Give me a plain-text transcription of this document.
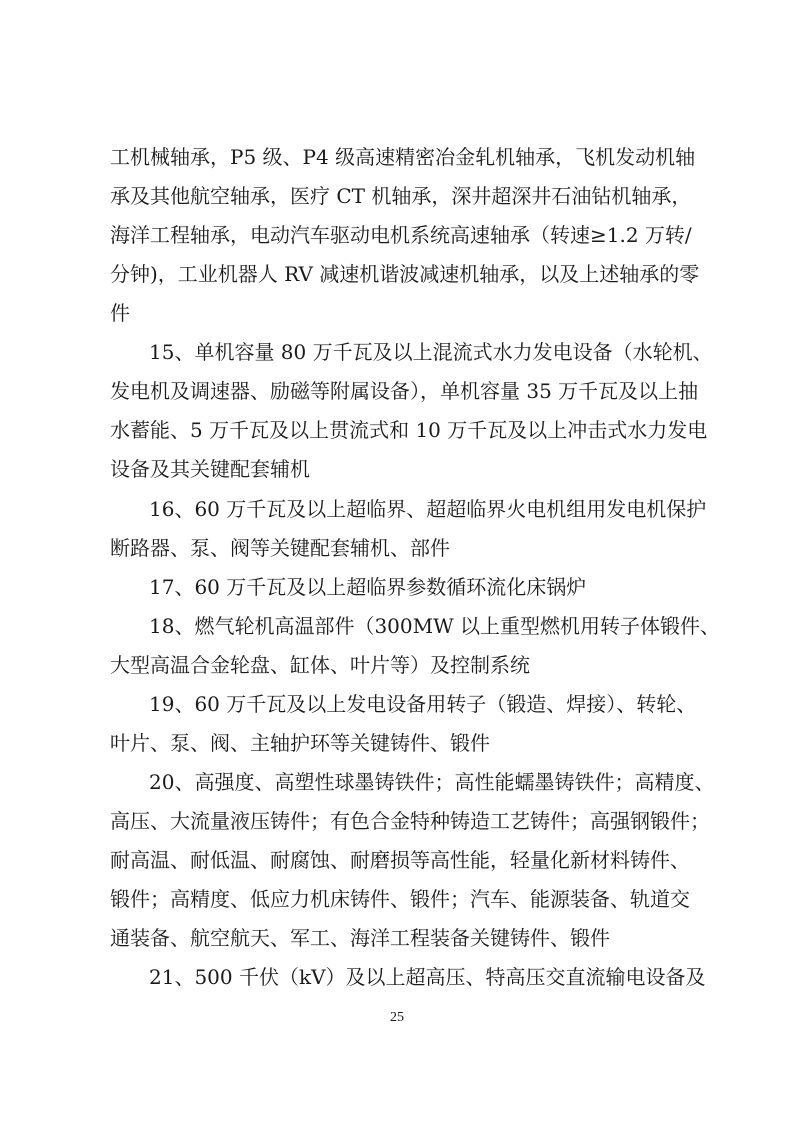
工机械轴承，P5 级、P4 级高速精密冶金轧机轴承，飞机发动机轴
承及其他航空轴承，医疗 CT 机轴承，深井超深井石油钻机轴承，
海洋工程轴承，电动汽车驱动电机系统高速轴承（转速≥1.2 万转/
分钟)，工业机器人 RV 减速机谐波减速机轴承，以及上述轴承的零
件
15、单机容量 80 万千瓦及以上混流式水力发电设备（水轮机、
发电机及调速器、励磁等附属设备），单机容量 35 万千瓦及以上抽
水蓄能、5 万千瓦及以上贯流式和 10 万千瓦及以上冲击式水力发电
设备及其关键配套辅机
16、60 万千瓦及以上超临界、超超临界火电机组用发电机保护
断路器、泵、阀等关键配套辅机、部件
17、60 万千瓦及以上超临界参数循环流化床锅炉
18、燃气轮机高温部件（300MW 以上重型燃机用转子体锻件、
大型高温合金轮盘、缸体、叶片等）及控制系统
19、60 万千瓦及以上发电设备用转子（锻造、焊接）、转轮、
叶片、泵、阀、主轴护环等关键铸件、锻件
20、高强度、高塑性球墨铸铁件；高性能蠕墨铸铁件；高精度、
高压、大流量液压铸件；有色合金特种铸造工艺铸件；高强钢锻件；
耐高温、耐低温、耐腐蚀、耐磨损等高性能，轻量化新材料铸件、
锻件；高精度、低应力机床铸件、锻件；汽车、能源装备、轨道交
通装备、航空航天、军工、海洋工程装备关键铸件、锻件
21、500 千伏（kV）及以上超高压、特高压交直流输电设备及
25
